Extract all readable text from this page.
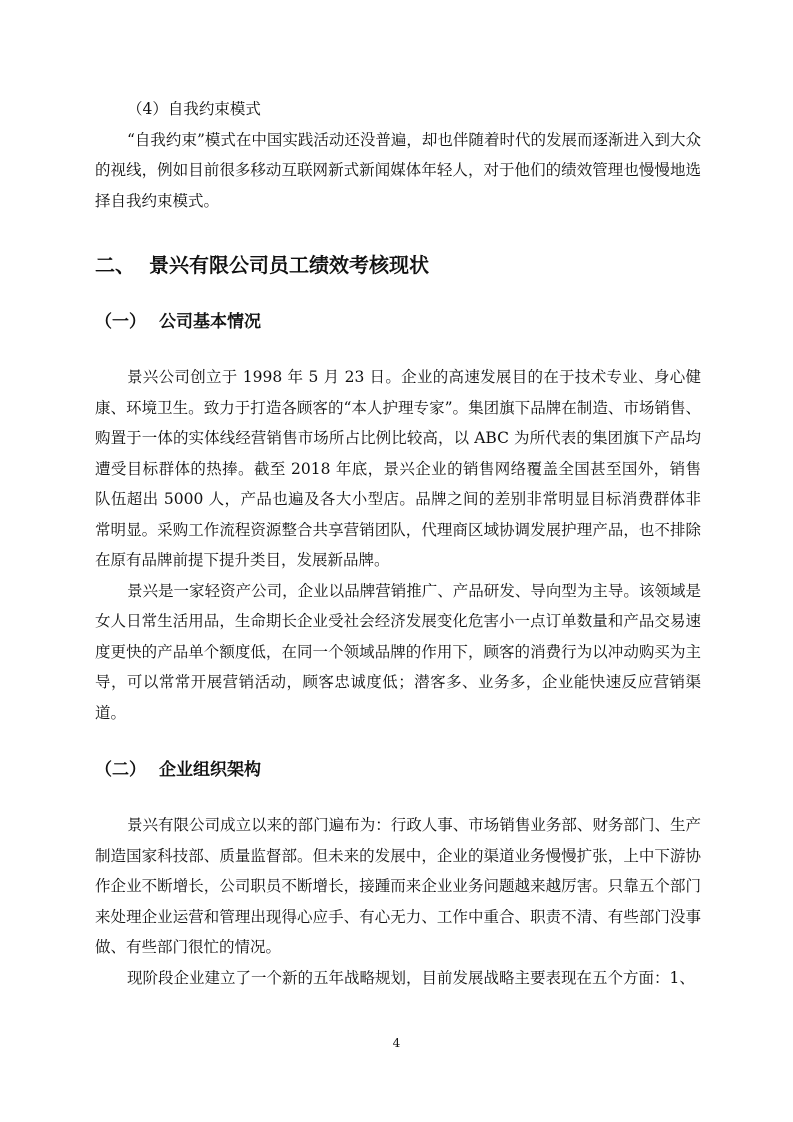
（4）自我约束模式

“自我约束”模式在中国实践活动还没普遍，却也伴随着时代的发展而逐渐进入到大众的视线，例如目前很多移动互联网新式新闻媒体年轻人，对于他们的绩效管理也慢慢地选择自我约束模式。

二、 景兴有限公司员工绩效考核现状
（一） 公司基本情况

景兴公司创立于 1998 年 5 月 23 日。企业的高速发展目的在于技术专业、身心健康、环境卫生。致力于打造各顾客的“本人护理专家”。集团旗下品牌在制造、市场销售、购置于一体的实体线经营销售市场所占比例比较高，以 ABC 为所代表的集团旗下产品均遭受目标群体的热捧。截至 2018 年底，景兴企业的销售网络覆盖全国甚至国外，销售队伍超出 5000 人，产品也遍及各大小型店。品牌之间的差别非常明显目标消费群体非常明显。采购工作流程资源整合共享营销团队，代理商区域协调发展护理产品，也不排除在原有品牌前提下提升类目，发展新品牌。

景兴是一家轻资产公司，企业以品牌营销推广、产品研发、导向型为主导。该领域是女人日常生活用品，生命期长企业受社会经济发展变化危害小一点订单数量和产品交易速度更快的产品单个额度低，在同一个领域品牌的作用下，顾客的消费行为以冲动购买为主导，可以常常开展营销活动，顾客忠诚度低；潜客多、业务多，企业能快速反应营销渠道。

（二） 企业组织架构

景兴有限公司成立以来的部门遍布为：行政人事、市场销售业务部、财务部门、生产制造国家科技部、质量监督部。但未来的发展中，企业的渠道业务慢慢扩张，上中下游协作企业不断增长，公司职员不断增长，接踵而来企业业务问题越来越厉害。只靠五个部门来处理企业运营和管理出现得心应手、有心无力、工作中重合、职责不清、有些部门没事做、有些部门很忙的情况。

现阶段企业建立了一个新的五年战略规划，目前发展战略主要表现在五个方面：1、

4
